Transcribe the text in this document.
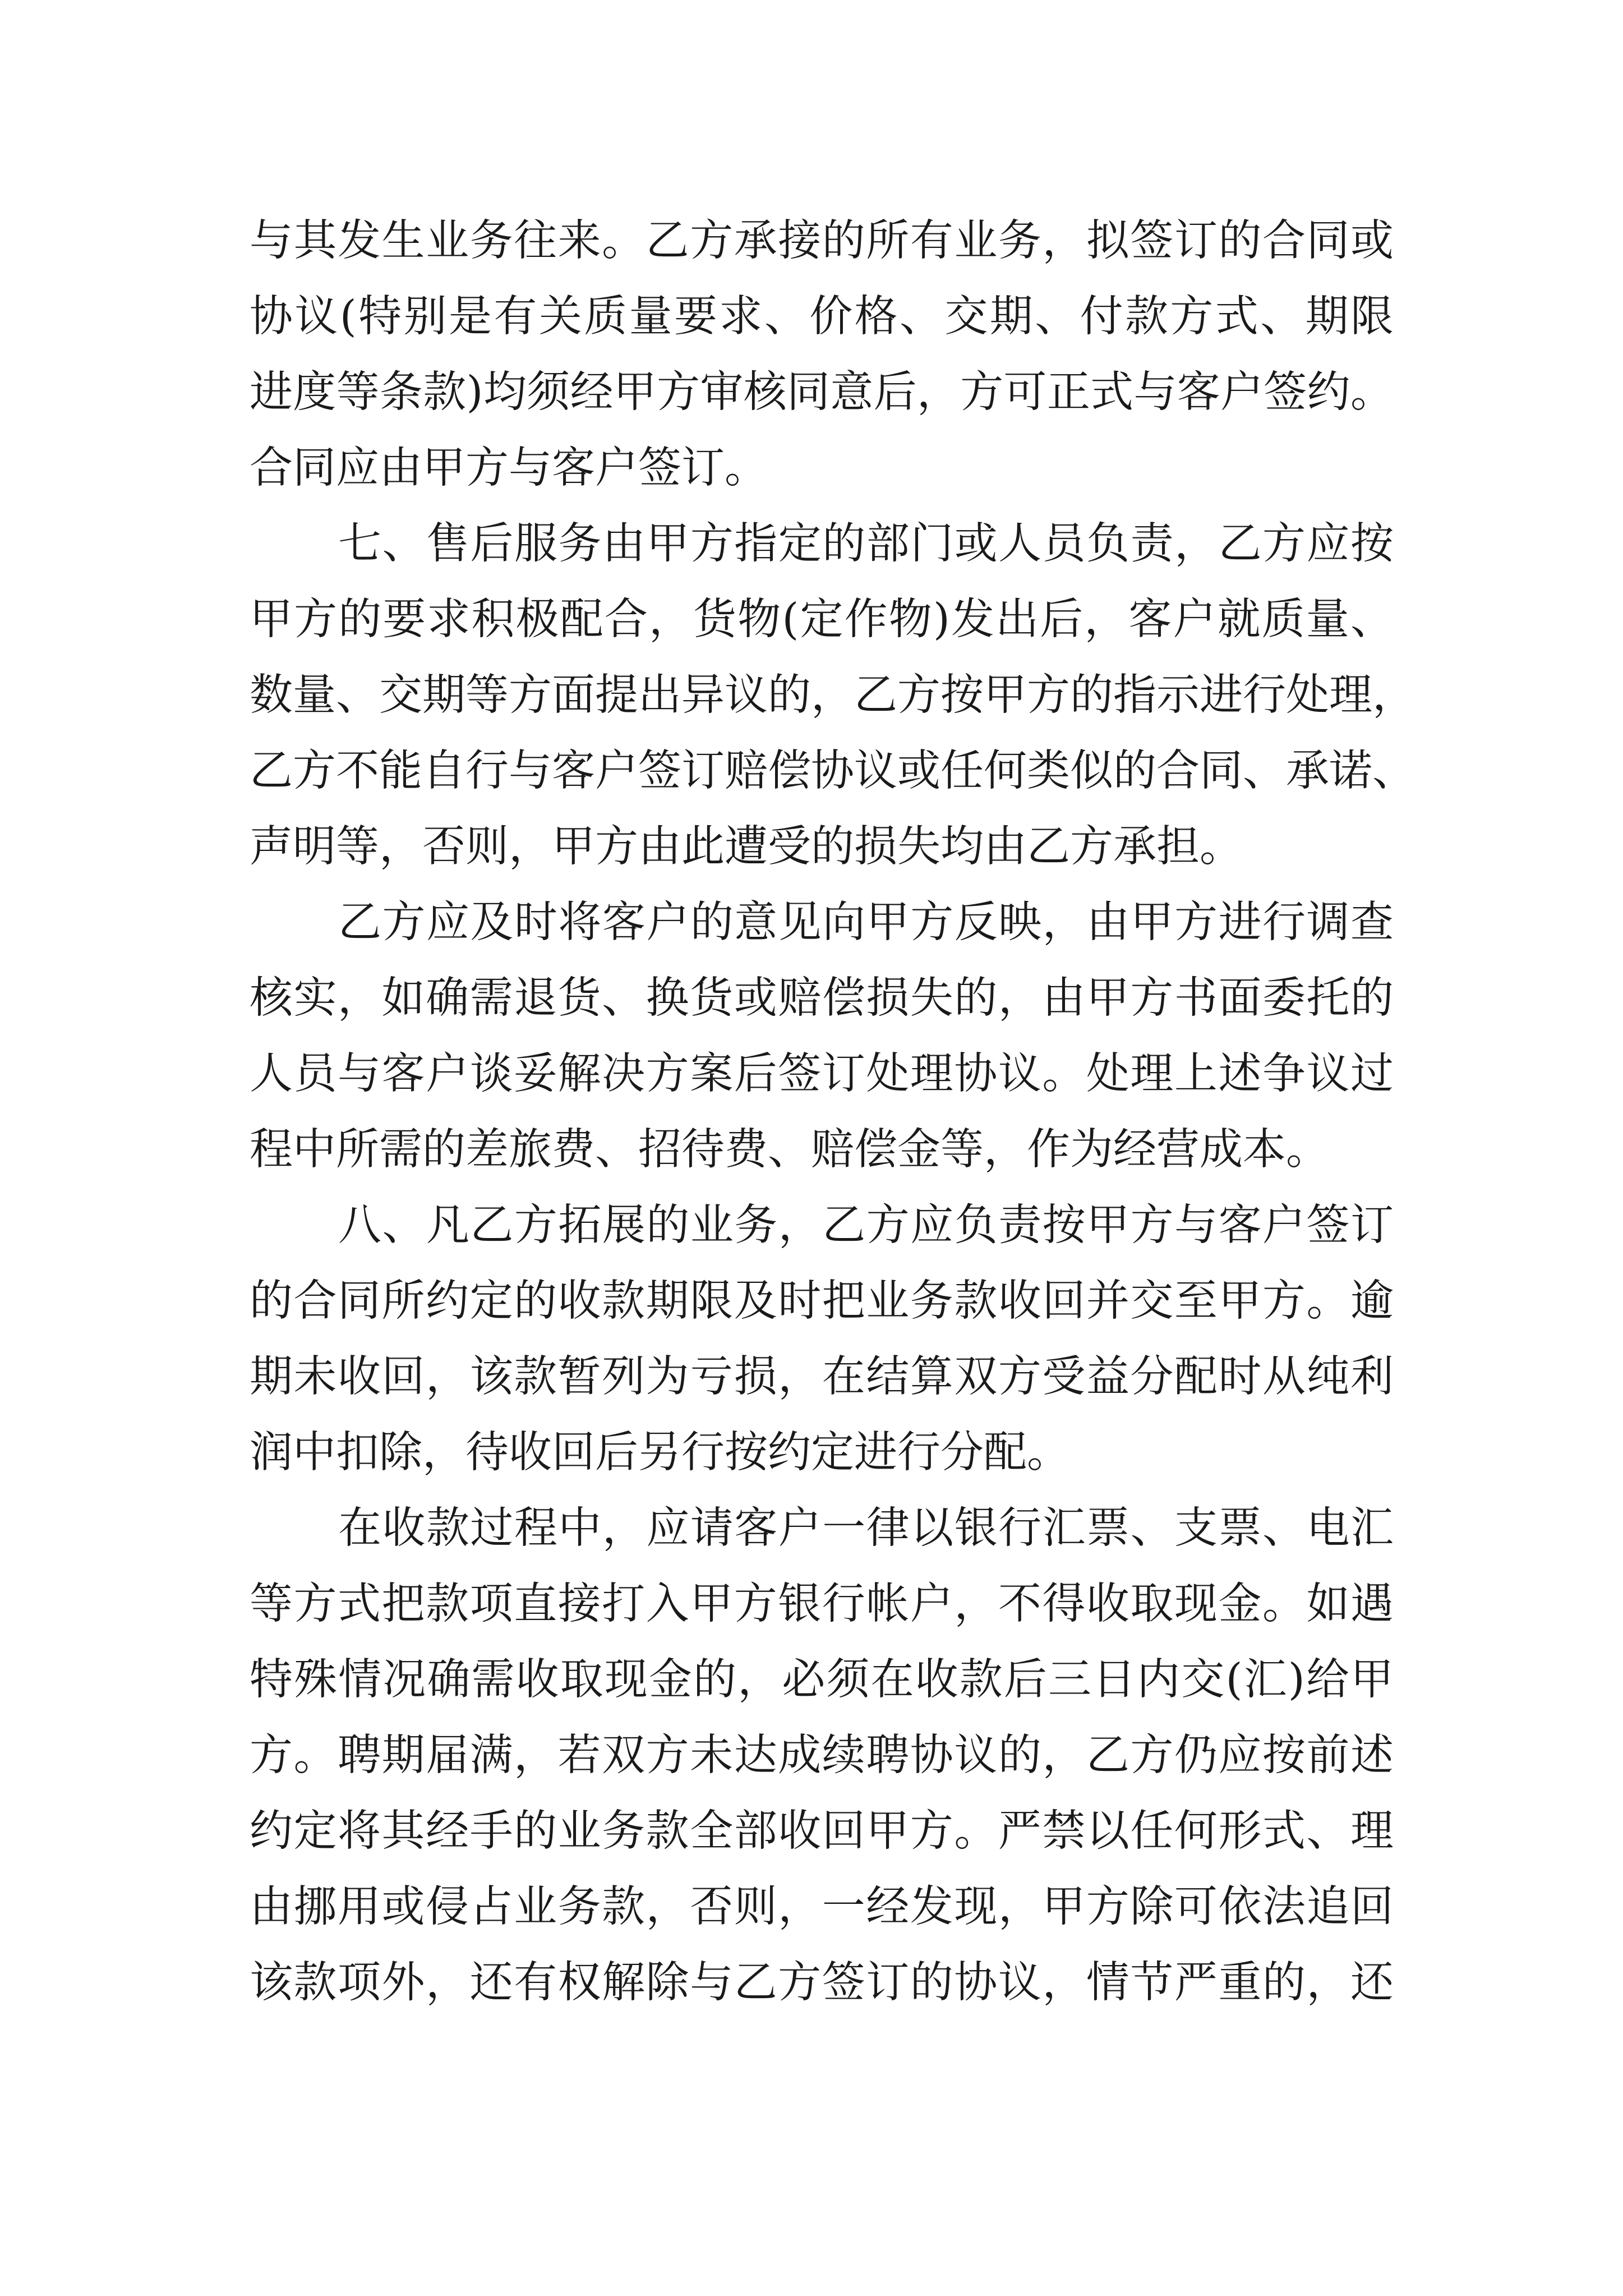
与其发生业务往来。乙方承接的所有业务，拟签订的合同或
协议(特别是有关质量要求、价格、交期、付款方式、期限
进度等条款)均须经甲方审核同意后，方可正式与客户签约。
合同应由甲方与客户签订。
七、售后服务由甲方指定的部门或人员负责，乙方应按
甲方的要求积极配合，货物(定作物)发出后，客户就质量、
数量、交期等方面提出异议的，乙方按甲方的指示进行处理，
乙方不能自行与客户签订赔偿协议或任何类似的合同、承诺、
声明等，否则，甲方由此遭受的损失均由乙方承担。
乙方应及时将客户的意见向甲方反映，由甲方进行调查
核实，如确需退货、换货或赔偿损失的，由甲方书面委托的
人员与客户谈妥解决方案后签订处理协议。处理上述争议过
程中所需的差旅费、招待费、赔偿金等，作为经营成本。
八、凡乙方拓展的业务，乙方应负责按甲方与客户签订
的合同所约定的收款期限及时把业务款收回并交至甲方。逾
期未收回，该款暂列为亏损，在结算双方受益分配时从纯利
润中扣除，待收回后另行按约定进行分配。
在收款过程中，应请客户一律以银行汇票、支票、电汇
等方式把款项直接打入甲方银行帐户，不得收取现金。如遇
特殊情况确需收取现金的，必须在收款后三日内交(汇)给甲
方。聘期届满，若双方未达成续聘协议的，乙方仍应按前述
约定将其经手的业务款全部收回甲方。严禁以任何形式、理
由挪用或侵占业务款，否则，一经发现，甲方除可依法追回
该款项外，还有权解除与乙方签订的协议，情节严重的，还
